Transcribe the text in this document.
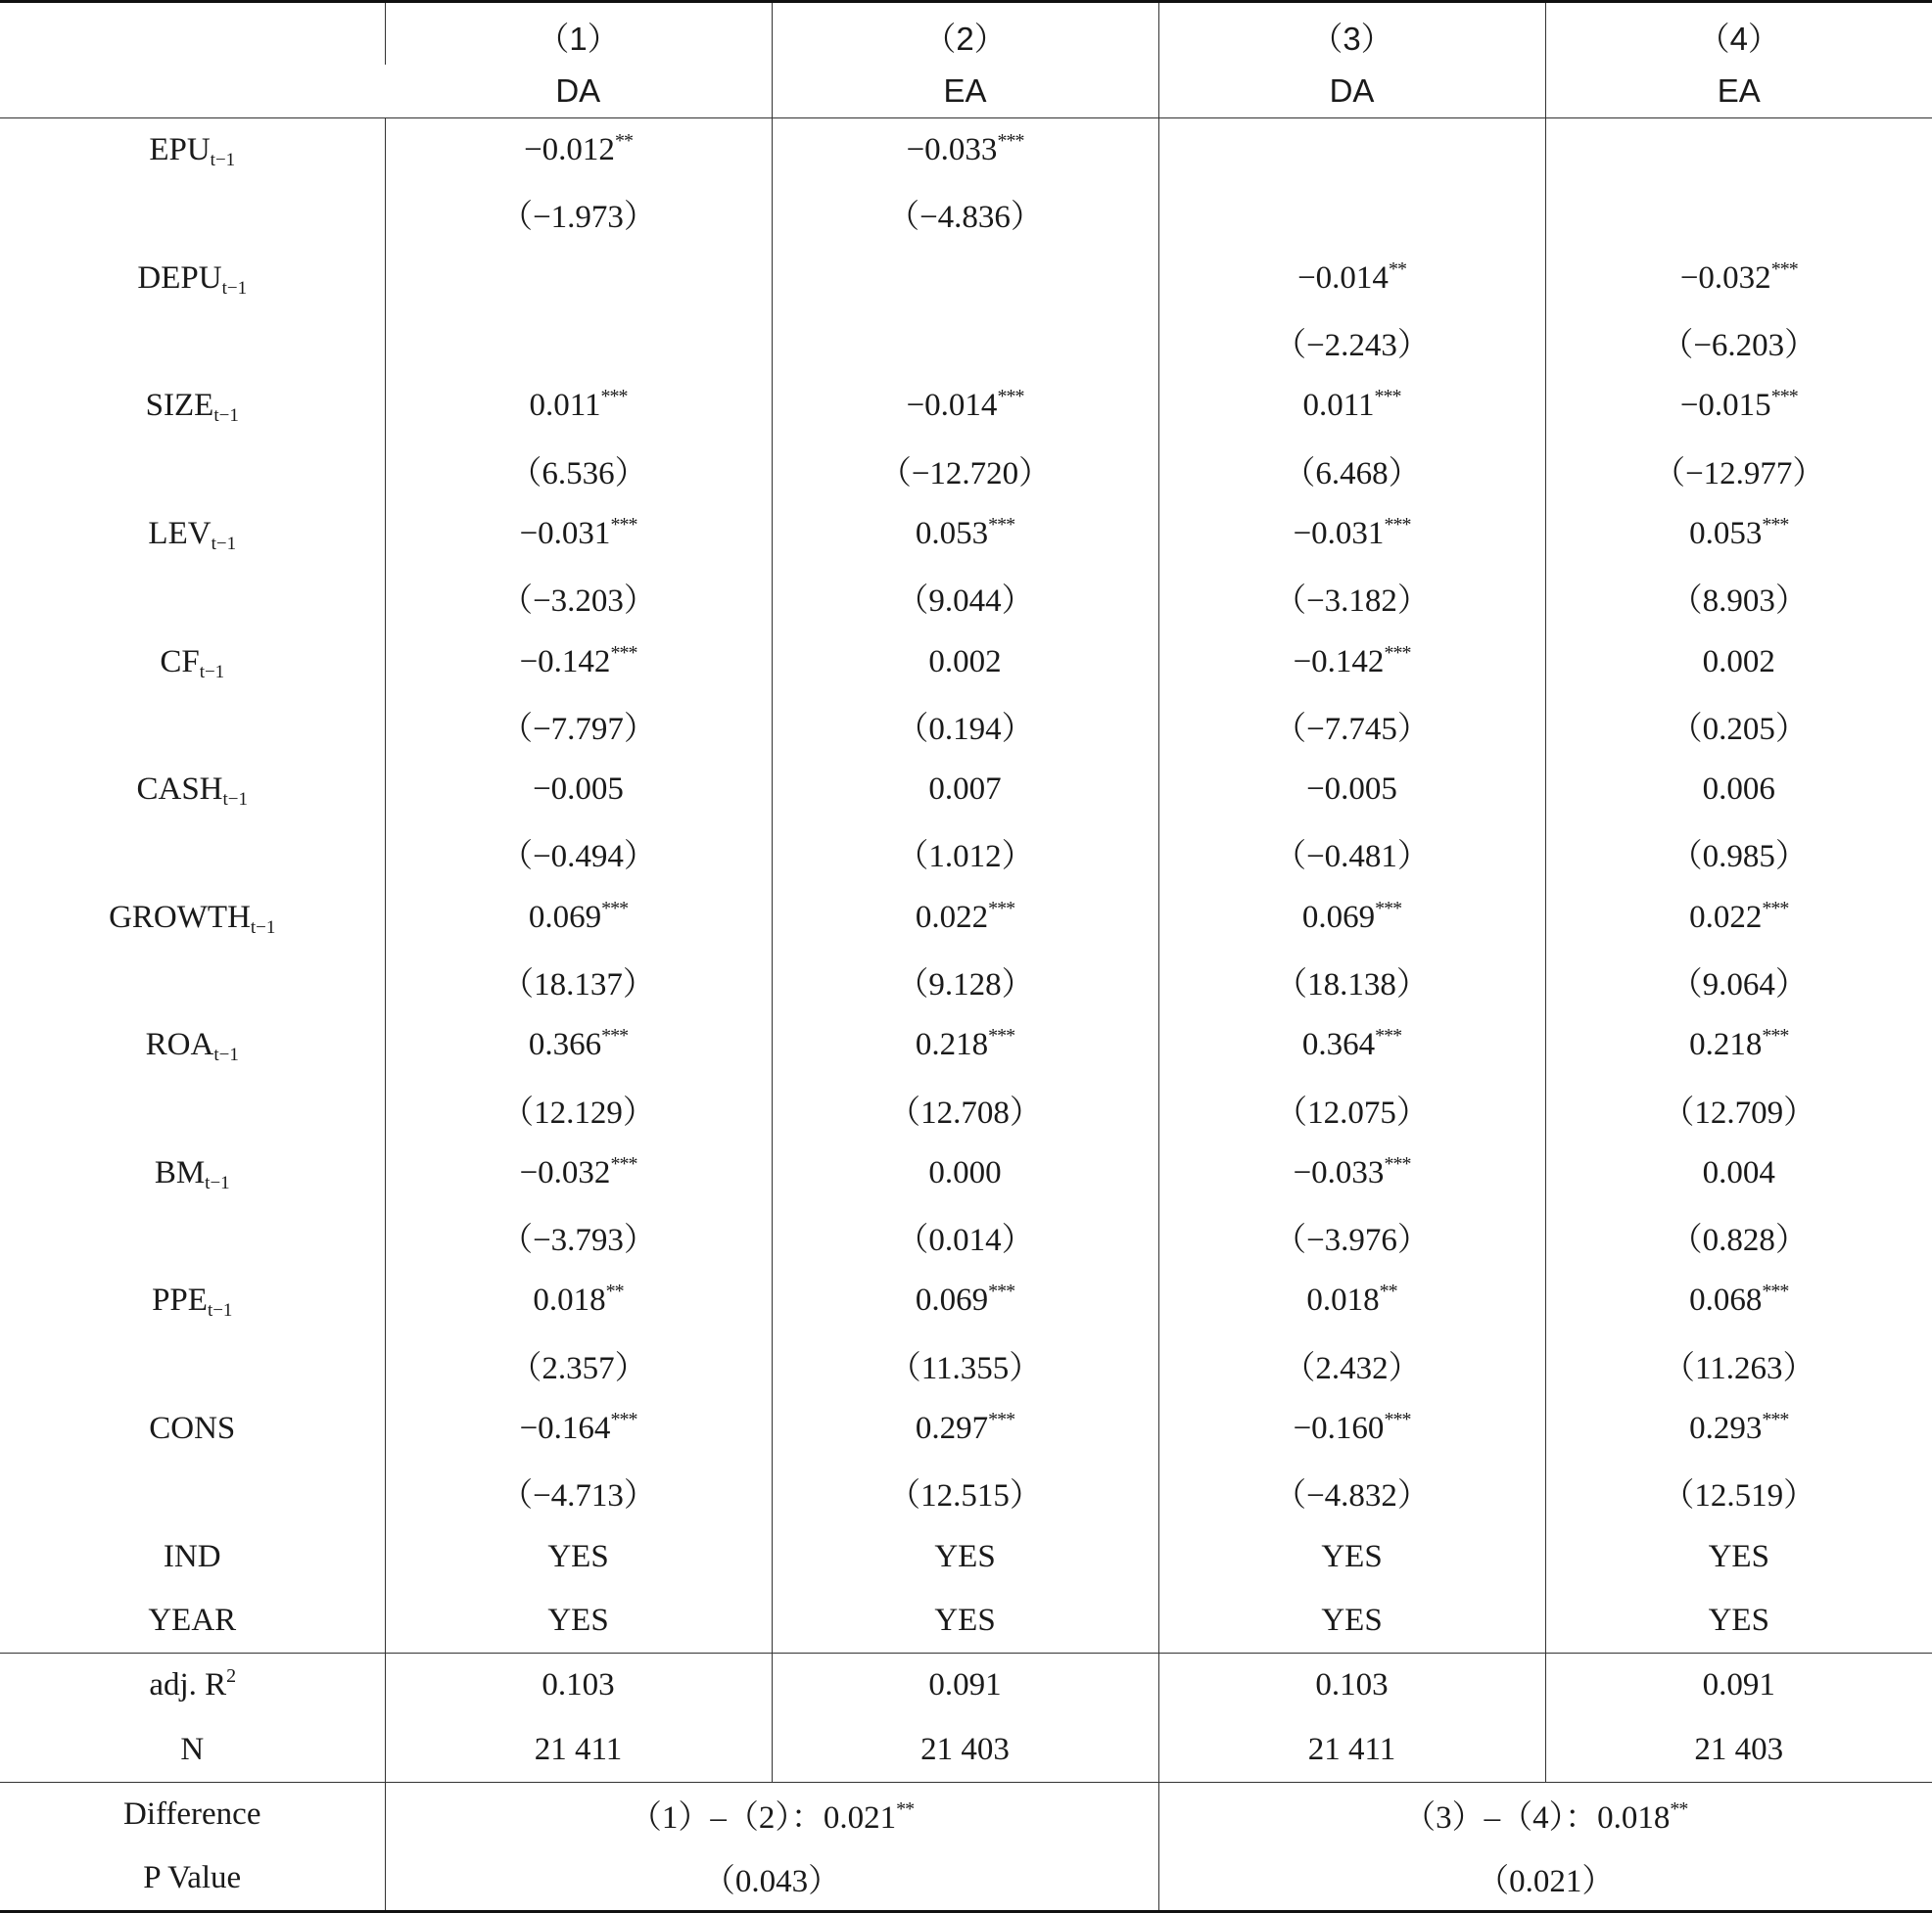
	（1）	（2）	（3）	（4）
	DA	EA	DA	EA
$EPU_{t-1}$	−0.012**	−0.033***		
	（−1.973）	（−4.836）		
$DEPU_{t-1}$			−0.014**	−0.032***
			（−2.243）	（−6.203）
$SIZE_{t-1}$	0.011***	−0.014***	0.011***	−0.015***
	（6.536）	（−12.720）	（6.468）	（−12.977）
$LEV_{t-1}$	−0.031***	0.053***	−0.031***	0.053***
	（−3.203）	（9.044）	（−3.182）	（8.903）
$CF_{t-1}$	−0.142***	0.002	−0.142***	0.002
	（−7.797）	（0.194）	（−7.745）	（0.205）
$CASH_{t-1}$	−0.005	0.007	−0.005	0.006
	（−0.494）	（1.012）	（−0.481）	（0.985）
$GROWTH_{t-1}$	0.069***	0.022***	0.069***	0.022***
	（18.137）	（9.128）	（18.138）	（9.064）
$ROA_{t-1}$	0.366***	0.218***	0.364***	0.218***
	（12.129）	（12.708）	（12.075）	（12.709）
$BM_{t-1}$	−0.032***	0.000	−0.033***	0.004
	（−3.793）	（0.014）	（−3.976）	（0.828）
$PPE_{t-1}$	0.018**	0.069***	0.018**	0.068***
	（2.357）	（11.355）	（2.432）	（11.263）
CONS	−0.164***	0.297***	−0.160***	0.293***
	（−4.713）	（12.515）	（−4.832）	（12.519）
IND	YES	YES	YES	YES
YEAR	YES	YES	YES	YES
adj. $R^2$	0.103	0.091	0.103	0.091
N	21 411	21 403	21 411	21 403
Difference	（1）–（2）：0.021**		（3）–（4）：0.018**
P Value	（0.043）		（0.021）	
